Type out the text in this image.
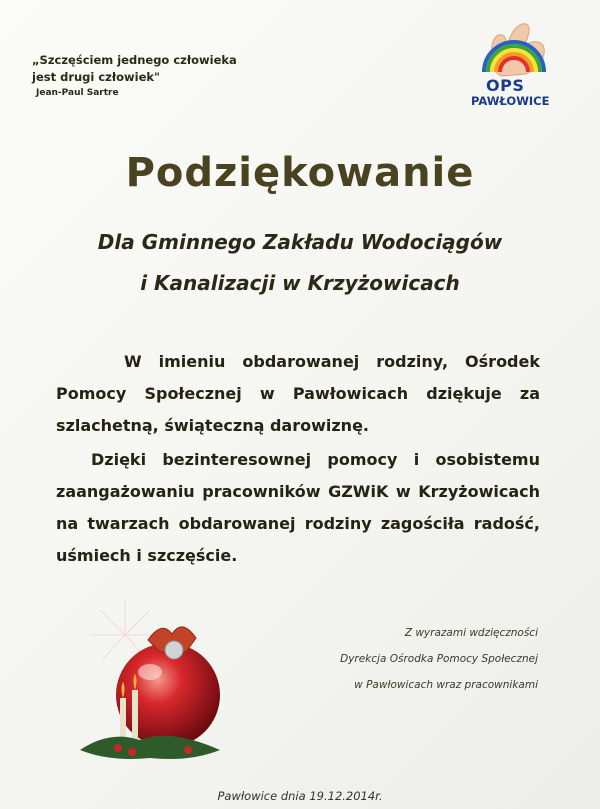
„Szczęściem jednego człowieka
jest drugi człowiek"
Jean-Paul Sartre	OPS
PAWŁOWICE
Podziękowanie
Dla Gminnego Zakładu Wodociągów
i Kanalizacji w Krzyżowicach

W imieniu obdarowanej rodziny, Ośrodek Pomocy Społecznej w Pawłowicach dziękuje za szlachetną, świąteczną darowiznę.

Dzięki bezinteresownej pomocy i osobistemu zaangażowaniu pracowników GZWiK w Krzyżowicach na twarzach obdarowanej rodziny zagościła radość, uśmiech i szczęście.

Z wyrazami wdzięczności
Dyrekcja Ośrodka Pomocy Społecznej
w Pawłowicach wraz pracownikami
Pawłowice dnia 19.12.2014r.
